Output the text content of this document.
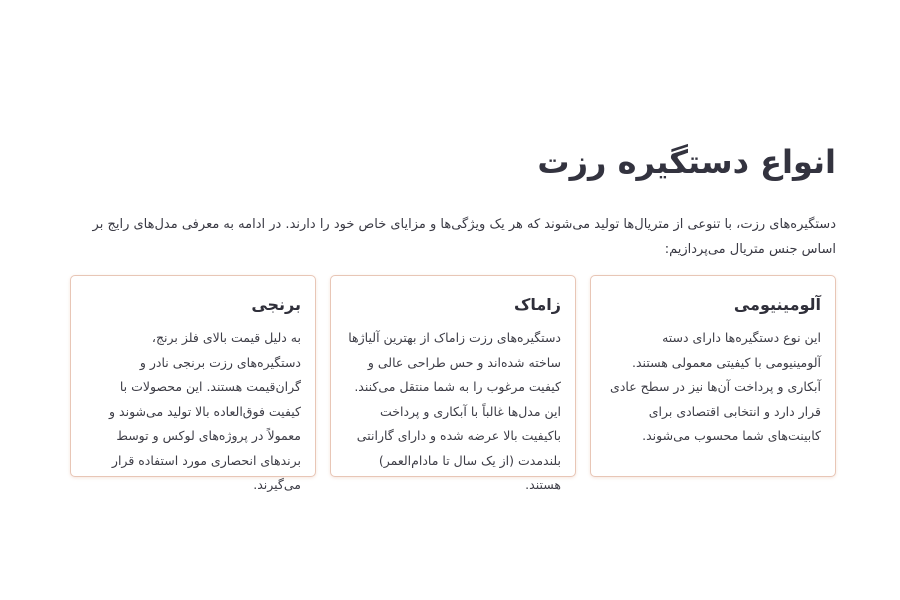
انواع دستگیره رزت

دستگیره‌های رزت، با تنوعی از متریال‌ها تولید می‌شوند که هر یک ویژگی‌ها و مزایای خاص خود را دارند. در ادامه به معرفی مدل‌های رایج بر اساس جنس متریال می‌پردازیم:

آلومینیومی

این نوع دستگیره‌ها دارای دسته آلومینیومی با کیفیتی معمولی هستند. آبکاری و پرداخت آن‌ها نیز در سطح عادی قرار دارد و انتخابی اقتصادی برای کابینت‌های شما محسوب می‌شوند.

زاماک

دستگیره‌های رزت زاماک از بهترین آلیاژها ساخته شده‌اند و حس طراحی عالی و کیفیت مرغوب را به شما منتقل می‌کنند. این مدل‌ها غالباً با آبکاری و پرداخت باکیفیت بالا عرضه شده و دارای گارانتی بلندمدت (از یک سال تا مادام‌العمر) هستند.

برنجی

به دلیل قیمت بالای فلز برنج، دستگیره‌های رزت برنجی نادر و گران‌قیمت هستند. این محصولات با کیفیت فوق‌العاده بالا تولید می‌شوند و معمولاً در پروژه‌های لوکس و توسط برندهای انحصاری مورد استفاده قرار می‌گیرند.
